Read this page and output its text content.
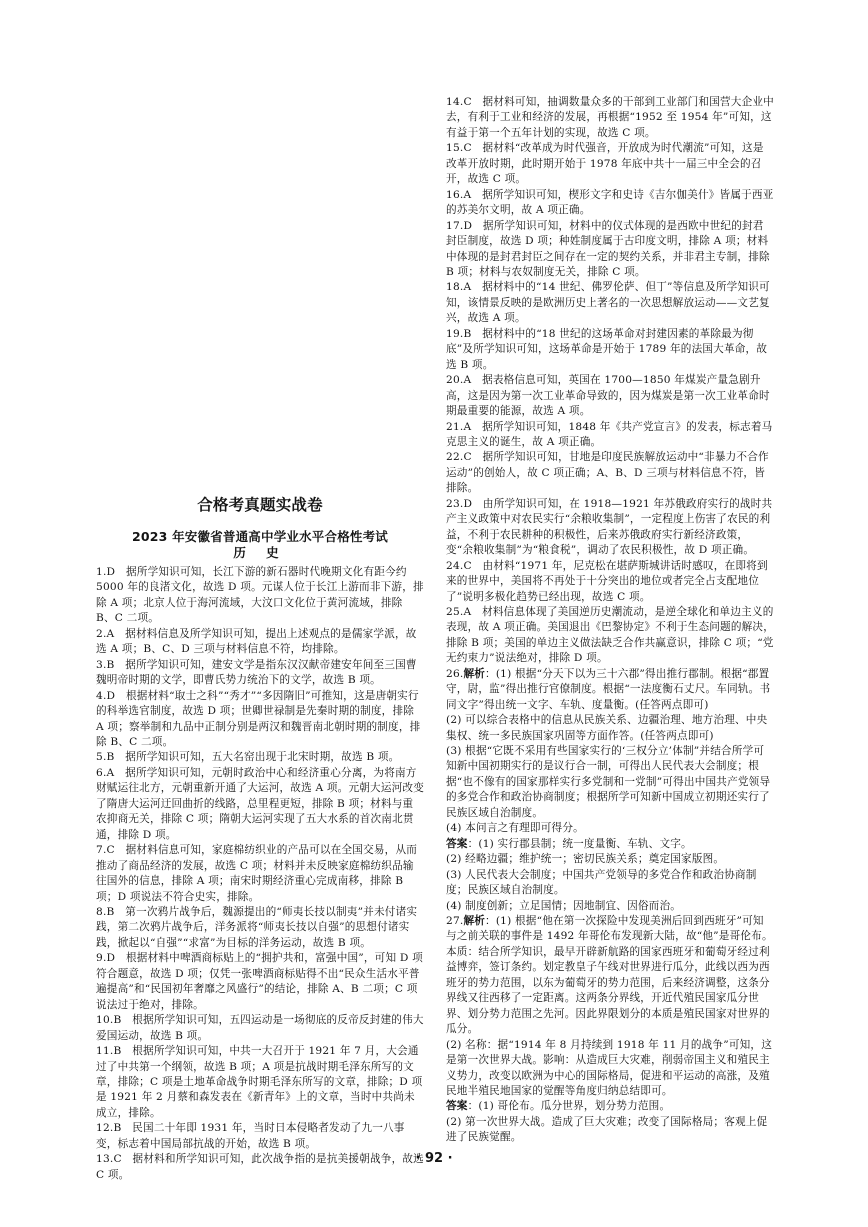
合格考真题实战卷

2023 年安徽省普通高中学业水平合格性考试

历 史

1.D　据所学知识可知，长江下游的新石器时代晚期文化有距今约5000 年的良渚文化，故选 D 项。元谋人位于长江上游而非下游，排除 A 项；北京人位于海河流域，大汶口文化位于黄河流域，排除 B、C 二项。

2.A　据材料信息及所学知识可知，提出上述观点的是儒家学派，故选 A 项；B、C、D 三项与材料信息不符，均排除。

3.B　据所学知识可知，建安文学是指东汉汉献帝建安年间至三国曹魏明帝时期的文学，即曹氏势力统治下的文学，故选 B 项。

4.D　根据材料“取士之科”“秀才”“多因隋旧”可推知，这是唐朝实行的科举选官制度，故选 D 项；世卿世禄制是先秦时期的制度，排除 A 项；察举制和九品中正制分别是两汉和魏晋南北朝时期的制度，排除 B、C 二项。

5.B　据所学知识可知，五大名窑出现于北宋时期，故选 B 项。

6.A　据所学知识可知，元朝时政治中心和经济重心分离，为将南方财赋运往北方，元朝重新开通了大运河，故选 A 项。元朝大运河改变了隋唐大运河迂回曲折的线路，总里程更短，排除 B 项；材料与重农抑商无关，排除 C 项；隋朝大运河实现了五大水系的首次南北贯通，排除 D 项。

7.C　据材料信息可知，家庭棉纺织业的产品可以在全国交易，从而推动了商品经济的发展，故选 C 项；材料并未反映家庭棉纺织品输往国外的信息，排除 A 项；南宋时期经济重心完成南移，排除 B 项；D 项说法不符合史实，排除。

8.B　第一次鸦片战争后，魏源提出的“师夷长技以制夷”并未付诸实践，第二次鸦片战争后，洋务派将“师夷长技以自强”的思想付诸实践，掀起以“自强”“求富”为目标的洋务运动，故选 B 项。

9.D　根据材料中啤酒商标贴上的“拥护共和，富强中国”，可知 D 项符合题意，故选 D 项；仅凭一张啤酒商标贴得不出“民众生活水平普遍提高”和“民国初年奢靡之风盛行”的结论，排除 A、B 二项；C 项说法过于绝对，排除。

10.B　根据所学知识可知，五四运动是一场彻底的反帝反封建的伟大爱国运动，故选 B 项。

11.B　根据所学知识可知，中共一大召开于 1921 年 7 月，大会通过了中共第一个纲领，故选 B 项；A 项是抗战时期毛泽东所写的文章，排除；C 项是土地革命战争时期毛泽东所写的文章，排除；D 项是 1921 年 2 月蔡和森发表在《新青年》上的文章，当时中共尚未成立，排除。

12.B　民国二十年即 1931 年，当时日本侵略者发动了九一八事变，标志着中国局部抗战的开始，故选 B 项。

13.C　据材料和所学知识可知，此次战争指的是抗美援朝战争，故选 C 项。

14.C　据材料可知，抽调数量众多的干部到工业部门和国营大企业中去，有利于工业和经济的发展，再根据“1952 至 1954 年”可知，这有益于第一个五年计划的实现，故选 C 项。

15.C　据材料“改革成为时代强音，开放成为时代潮流”可知，这是改革开放时期，此时期开始于 1978 年底中共十一届三中全会的召开，故选 C 项。

16.A　据所学知识可知，楔形文字和史诗《吉尔伽美什》皆属于西亚的苏美尔文明，故 A 项正确。

17.D　据所学知识可知，材料中的仪式体现的是西欧中世纪的封君封臣制度，故选 D 项；种姓制度属于古印度文明，排除 A 项；材料中体现的是封君封臣之间存在一定的契约关系，并非君主专制，排除 B 项；材料与农奴制度无关，排除 C 项。

18.A　据材料中的“14 世纪、佛罗伦萨、但丁”等信息及所学知识可知，该情景反映的是欧洲历史上著名的一次思想解放运动——文艺复兴，故选 A 项。

19.B　据材料中的“18 世纪的这场革命对封建因素的革除最为彻底”及所学知识可知，这场革命是开始于 1789 年的法国大革命，故选 B 项。

20.A　据表格信息可知，英国在 1700—1850 年煤炭产量急剧升高，这是因为第一次工业革命导致的，因为煤炭是第一次工业革命时期最重要的能源，故选 A 项。

21.A　据所学知识可知，1848 年《共产党宣言》的发表，标志着马克思主义的诞生，故 A 项正确。

22.C　据所学知识可知，甘地是印度民族解放运动中“非暴力不合作运动”的创始人，故 C 项正确；A、B、D 三项与材料信息不符，皆排除。

23.D　由所学知识可知，在 1918—1921 年苏俄政府实行的战时共产主义政策中对农民实行“余粮收集制”，一定程度上伤害了农民的利益，不利于农民耕种的积极性，后来苏俄政府实行新经济政策，变“余粮收集制”为“粮食税”，调动了农民积极性，故 D 项正确。

24.C　由材料“1971 年，尼克松在堪萨斯城讲话时感叹，在即将到来的世界中，美国将不再处于十分突出的地位或者完全占支配地位了”说明多极化趋势已经出现，故选 C 项。

25.A　材料信息体现了美国逆历史潮流动，是逆全球化和单边主义的表现，故 A 项正确。美国退出《巴黎协定》不利于生态问题的解决，排除 B 项；美国的单边主义做法缺乏合作共赢意识，排除 C 项；“党无约束力”说法绝对，排除 D 项。

26.解析：(1) 根据“分天下以为三十六郡”得出推行郡制。根据“郡置守，尉，监”得出推行官僚制度。根据“一法度衡石丈尺。车同轨。书同文字”得出统一文字、车轨、度量衡。(任答两点即可)

(2) 可以综合表格中的信息从民族关系、边疆治理、地方治理、中央集权、统一多民族国家巩固等方面作答。(任答两点即可)

(3) 根据“它既不采用有些国家实行的‘三权分立’体制”并结合所学可知新中国初期实行的是议行合一制，可得出人民代表大会制度；根据“也不像有的国家那样实行多党制和一党制”可得出中国共产党领导的多党合作和政治协商制度；根据所学可知新中国成立初期还实行了民族区域自治制度。

(4) 本问言之有理即可得分。

答案：(1) 实行郡县制；统一度量衡、车轨、文字。

(2) 经略边疆；维护统一；密切民族关系；奠定国家版图。

(3) 人民代表大会制度；中国共产党领导的多党合作和政治协商制度；民族区域自治制度。

(4) 制度创新；立足国情；因地制宜、因俗而治。

27.解析：(1) 根据“他在第一次探险中发现美洲后回到西班牙”可知与之前关联的事件是 1492 年哥伦布发现新大陆，故“他”是哥伦布。本质：结合所学知识，最早开辟新航路的国家西班牙和葡萄牙经过利益博弈，签订条约。划定教皇子午线对世界进行瓜分，此线以西为西班牙的势力范围，以东为葡萄牙的势力范围，后来经济调整，这条分界线又往西移了一定距离。这两条分界线，开近代殖民国家瓜分世界、划分势力范围之先河。因此界限划分的本质是殖民国家对世界的瓜分。

(2) 名称：据“1914 年 8 月持续到 1918 年 11 月的战争”可知，这是第一次世界大战。影响：从造成巨大灾难，削弱帝国主义和殖民主义势力，改变以欧洲为中心的国际格局，促进和平运动的高涨，及殖民地半殖民地国家的觉醒等角度归纳总结即可。

答案：(1) 哥伦布。瓜分世界，划分势力范围。

(2) 第一次世界大战。造成了巨大灾难；改变了国际格局；客观上促进了民族觉醒。

· 92 ·
